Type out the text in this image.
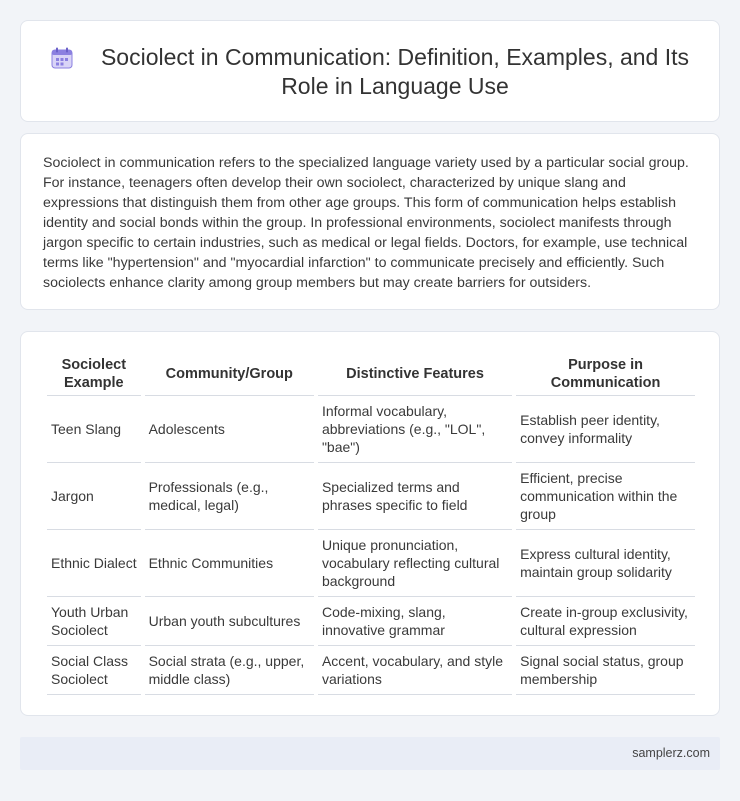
Sociolect in Communication: Definition, Examples, and Its Role in Language Use

Sociolect in communication refers to the specialized language variety used by a particular social group. For instance, teenagers often develop their own sociolect, characterized by unique slang and expressions that distinguish them from other age groups. This form of communication helps establish identity and social bonds within the group. In professional environments, sociolect manifests through jargon specific to certain industries, such as medical or legal fields. Doctors, for example, use technical terms like "hypertension" and "myocardial infarction" to communicate precisely and efficiently. Such sociolects enhance clarity among group members but may create barriers for outsiders.

Sociolect Example	Community/Group	Distinctive Features	Purpose in Communication
Teen Slang	Adolescents	Informal vocabulary, abbreviations (e.g., "LOL", "bae")	Establish peer identity, convey informality
Jargon	Professionals (e.g., medical, legal)	Specialized terms and phrases specific to field	Efficient, precise communication within the group
Ethnic Dialect	Ethnic Communities	Unique pronunciation, vocabulary reflecting cultural background	Express cultural identity, maintain group solidarity
Youth Urban Sociolect	Urban youth subcultures	Code-mixing, slang, innovative grammar	Create in-group exclusivity, cultural expression
Social Class Sociolect	Social strata (e.g., upper, middle class)	Accent, vocabulary, and style variations	Signal social status, group membership
samplerz.com
